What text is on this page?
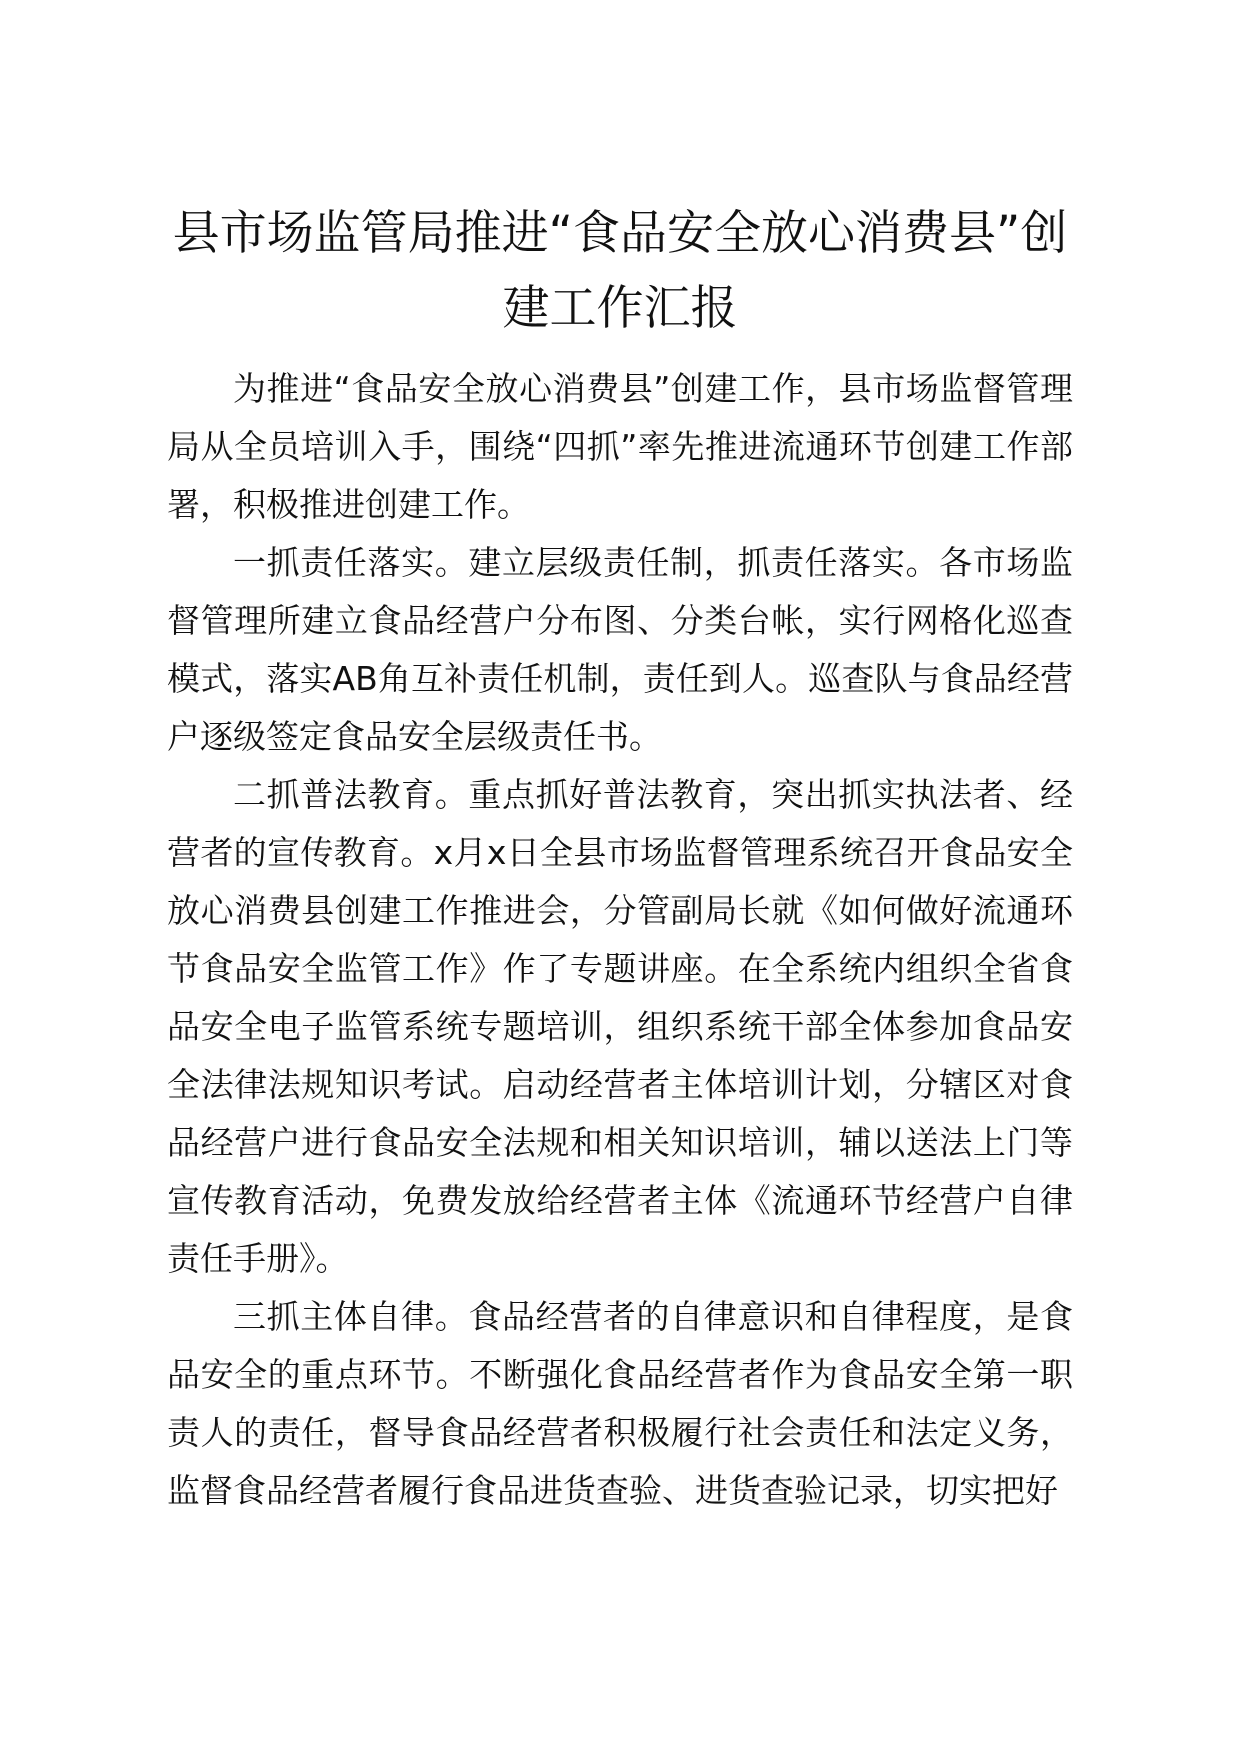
县市场监管局推进“食品安全放心消费县”创建工作汇报

为推进“食品安全放心消费县”创建工作，县市场监督管理局从全员培训入手，围绕“四抓”率先推进流通环节创建工作部署，积极推进创建工作。

一抓责任落实。建立层级责任制，抓责任落实。各市场监督管理所建立食品经营户分布图、分类台帐，实行网格化巡查模式，落实AB角互补责任机制，责任到人。巡查队与食品经营户逐级签定食品安全层级责任书。

二抓普法教育。重点抓好普法教育，突出抓实执法者、经营者的宣传教育。x月x日全县市场监督管理系统召开食品安全放心消费县创建工作推进会，分管副局长就《如何做好流通环节食品安全监管工作》作了专题讲座。在全系统内组织全省食品安全电子监管系统专题培训，组织系统干部全体参加食品安全法律法规知识考试。启动经营者主体培训计划，分辖区对食品经营户进行食品安全法规和相关知识培训，辅以送法上门等宣传教育活动，免费发放给经营者主体《流通环节经营户自律责任手册》。

三抓主体自律。食品经营者的自律意识和自律程度，是食品安全的重点环节。不断强化食品经营者作为食品安全第一职责人的责任，督导食品经营者积极履行社会责任和法定义务，监督食品经营者履行食品进货查验、进货查验记录，切实把好
